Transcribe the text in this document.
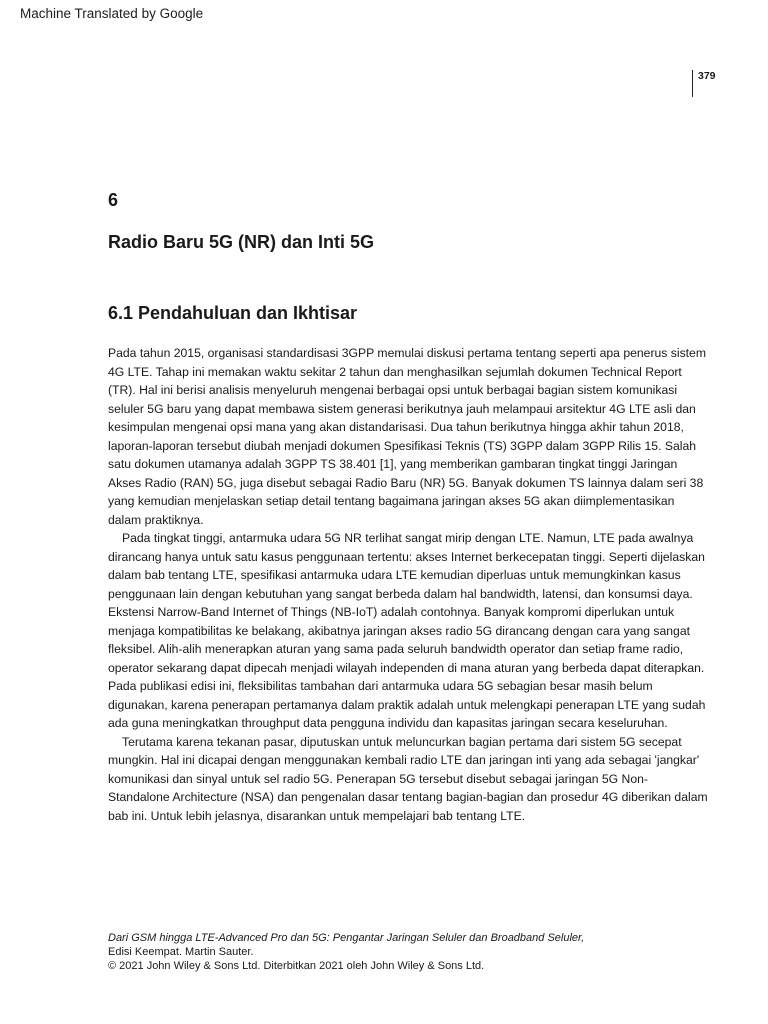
Machine Translated by Google
379
6
Radio Baru 5G (NR) dan Inti 5G
6.1 Pendahuluan dan Ikhtisar

Pada tahun 2015, organisasi standardisasi 3GPP memulai diskusi pertama tentang seperti apa penerus sistem 4G LTE. Tahap ini memakan waktu sekitar 2 tahun dan menghasilkan sejumlah dokumen Technical Report (TR). Hal ini berisi analisis menyeluruh mengenai berbagai opsi untuk berbagai bagian sistem komunikasi seluler 5G baru yang dapat membawa sistem generasi berikutnya jauh melampaui arsitektur 4G LTE asli dan kesimpulan mengenai opsi mana yang akan distandarisasi. Dua tahun berikutnya hingga akhir tahun 2018, laporan-laporan tersebut diubah menjadi dokumen Spesifikasi Teknis (TS) 3GPP dalam 3GPP Rilis 15. Salah satu dokumen utamanya adalah 3GPP TS 38.401 [1], yang memberikan gambaran tingkat tinggi Jaringan Akses Radio (RAN) 5G, juga disebut sebagai Radio Baru (NR) 5G. Banyak dokumen TS lainnya dalam seri 38 yang kemudian menjelaskan setiap detail tentang bagaimana jaringan akses 5G akan diimplementasikan dalam praktiknya.

Pada tingkat tinggi, antarmuka udara 5G NR terlihat sangat mirip dengan LTE. Namun, LTE pada awalnya dirancang hanya untuk satu kasus penggunaan tertentu: akses Internet berkecepatan tinggi. Seperti dijelaskan dalam bab tentang LTE, spesifikasi antarmuka udara LTE kemudian diperluas untuk memungkinkan kasus penggunaan lain dengan kebutuhan yang sangat berbeda dalam hal bandwidth, latensi, dan konsumsi daya. Ekstensi Narrow-Band Internet of Things (NB-IoT) adalah contohnya. Banyak kompromi diperlukan untuk menjaga kompatibilitas ke belakang, akibatnya jaringan akses radio 5G dirancang dengan cara yang sangat fleksibel. Alih-alih menerapkan aturan yang sama pada seluruh bandwidth operator dan setiap frame radio, operator sekarang dapat dipecah menjadi wilayah independen di mana aturan yang berbeda dapat diterapkan. Pada publikasi edisi ini, fleksibilitas tambahan dari antarmuka udara 5G sebagian besar masih belum digunakan, karena penerapan pertamanya dalam praktik adalah untuk melengkapi penerapan LTE yang sudah ada guna meningkatkan throughput data pengguna individu dan kapasitas jaringan secara keseluruhan.

Terutama karena tekanan pasar, diputuskan untuk meluncurkan bagian pertama dari sistem 5G secepat mungkin. Hal ini dicapai dengan menggunakan kembali radio LTE dan jaringan inti yang ada sebagai 'jangkar' komunikasi dan sinyal untuk sel radio 5G. Penerapan 5G tersebut disebut sebagai jaringan 5G Non-Standalone Architecture (NSA) dan pengenalan dasar tentang bagian-bagian dan prosedur 4G diberikan dalam bab ini. Untuk lebih jelasnya, disarankan untuk mempelajari bab tentang LTE.

Dari GSM hingga LTE-Advanced Pro dan 5G: Pengantar Jaringan Seluler dan Broadband Seluler,
Edisi Keempat. Martin Sauter.
© 2021 John Wiley & Sons Ltd. Diterbitkan 2021 oleh John Wiley & Sons Ltd.
